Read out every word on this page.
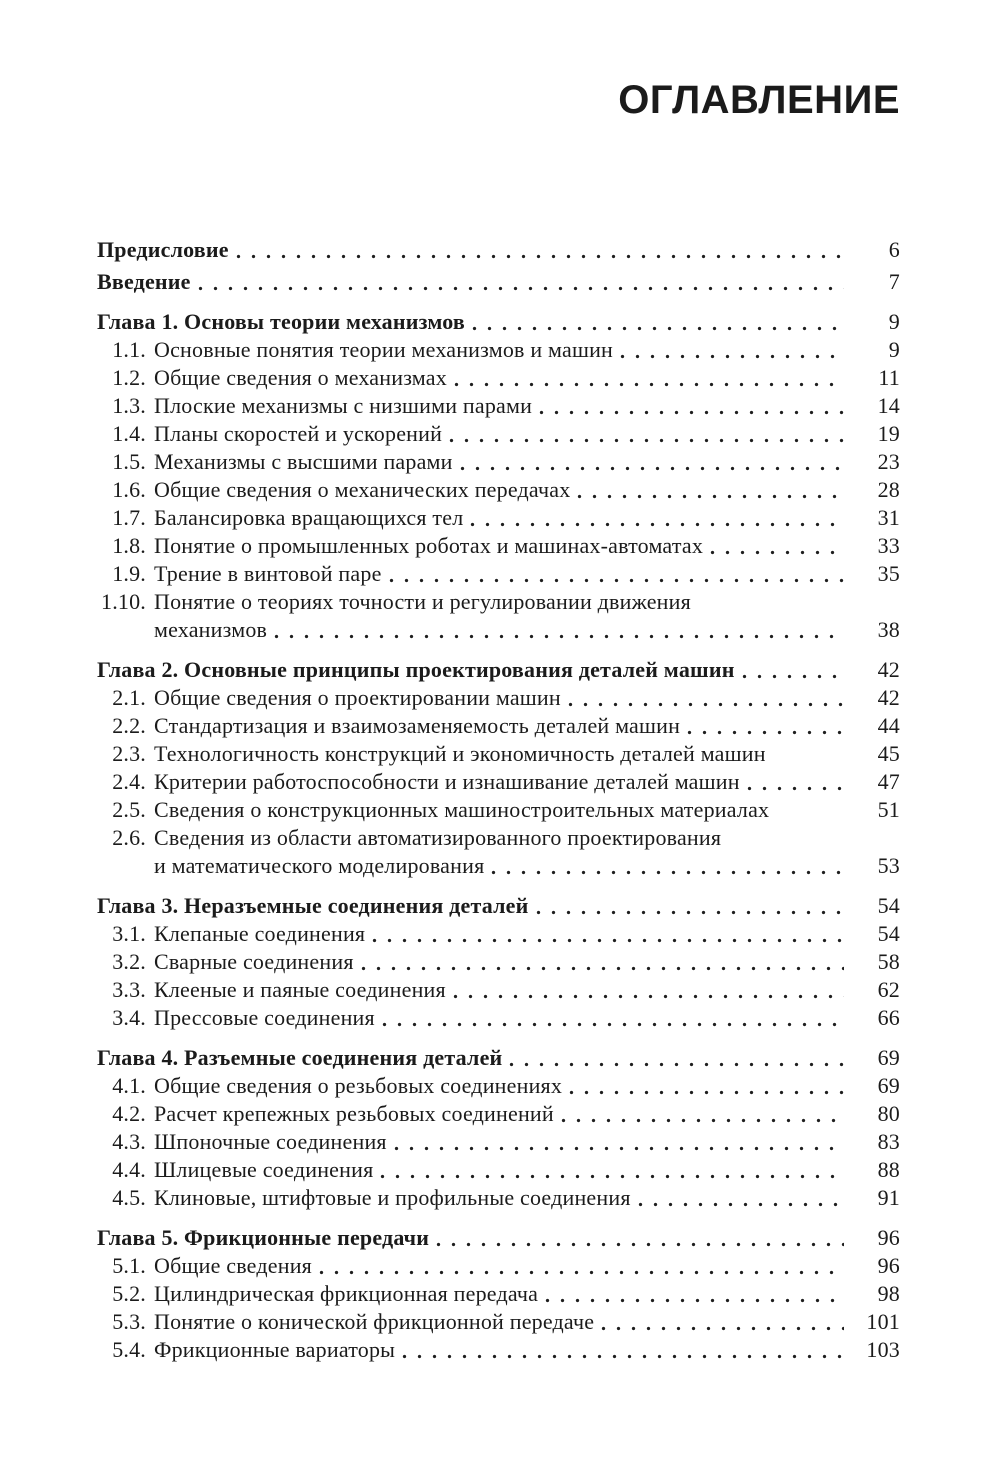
ОГЛАВЛЕНИЕ
Предисловие	6
Введение	7
Глава 1. Основы теории механизмов	9
1.1. Основные понятия теории механизмов и машин	9
1.2. Общие сведения о механизмах	11
1.3. Плоские механизмы с низшими парами	14
1.4. Планы скоростей и ускорений	19
1.5. Механизмы с высшими парами	23
1.6. Общие сведения о механических передачах	28
1.7. Балансировка вращающихся тел	31
1.8. Понятие о промышленных роботах и машинах-автоматах	33
1.9. Трение в винтовой паре	35
1.10. Понятие о теориях точности и регулировании движения
механизмов	38
Глава 2. Основные принципы проектирования деталей машин	42
2.1. Общие сведения о проектировании машин	42
2.2. Стандартизация и взаимозаменяемость деталей машин	44
2.3. Технологичность конструкций и экономичность деталей машин	45
2.4. Критерии работоспособности и изнашивание деталей машин	47
2.5. Сведения о конструкционных машиностроительных материалах	51
2.6. Сведения из области автоматизированного проектирования
и математического моделирования	53
Глава 3. Неразъемные соединения деталей	54
3.1. Клепаные соединения	54
3.2. Сварные соединения	58
3.3. Клееные и паяные соединения	62
3.4. Прессовые соединения	66
Глава 4. Разъемные соединения деталей	69
4.1. Общие сведения о резьбовых соединениях	69
4.2. Расчет крепежных резьбовых соединений	80
4.3. Шпоночные соединения	83
4.4. Шлицевые соединения	88
4.5. Клиновые, штифтовые и профильные соединения	91
Глава 5. Фрикционные передачи	96
5.1. Общие сведения	96
5.2. Цилиндрическая фрикционная передача	98
5.3. Понятие о конической фрикционной передаче	101
5.4. Фрикционные вариаторы	103
